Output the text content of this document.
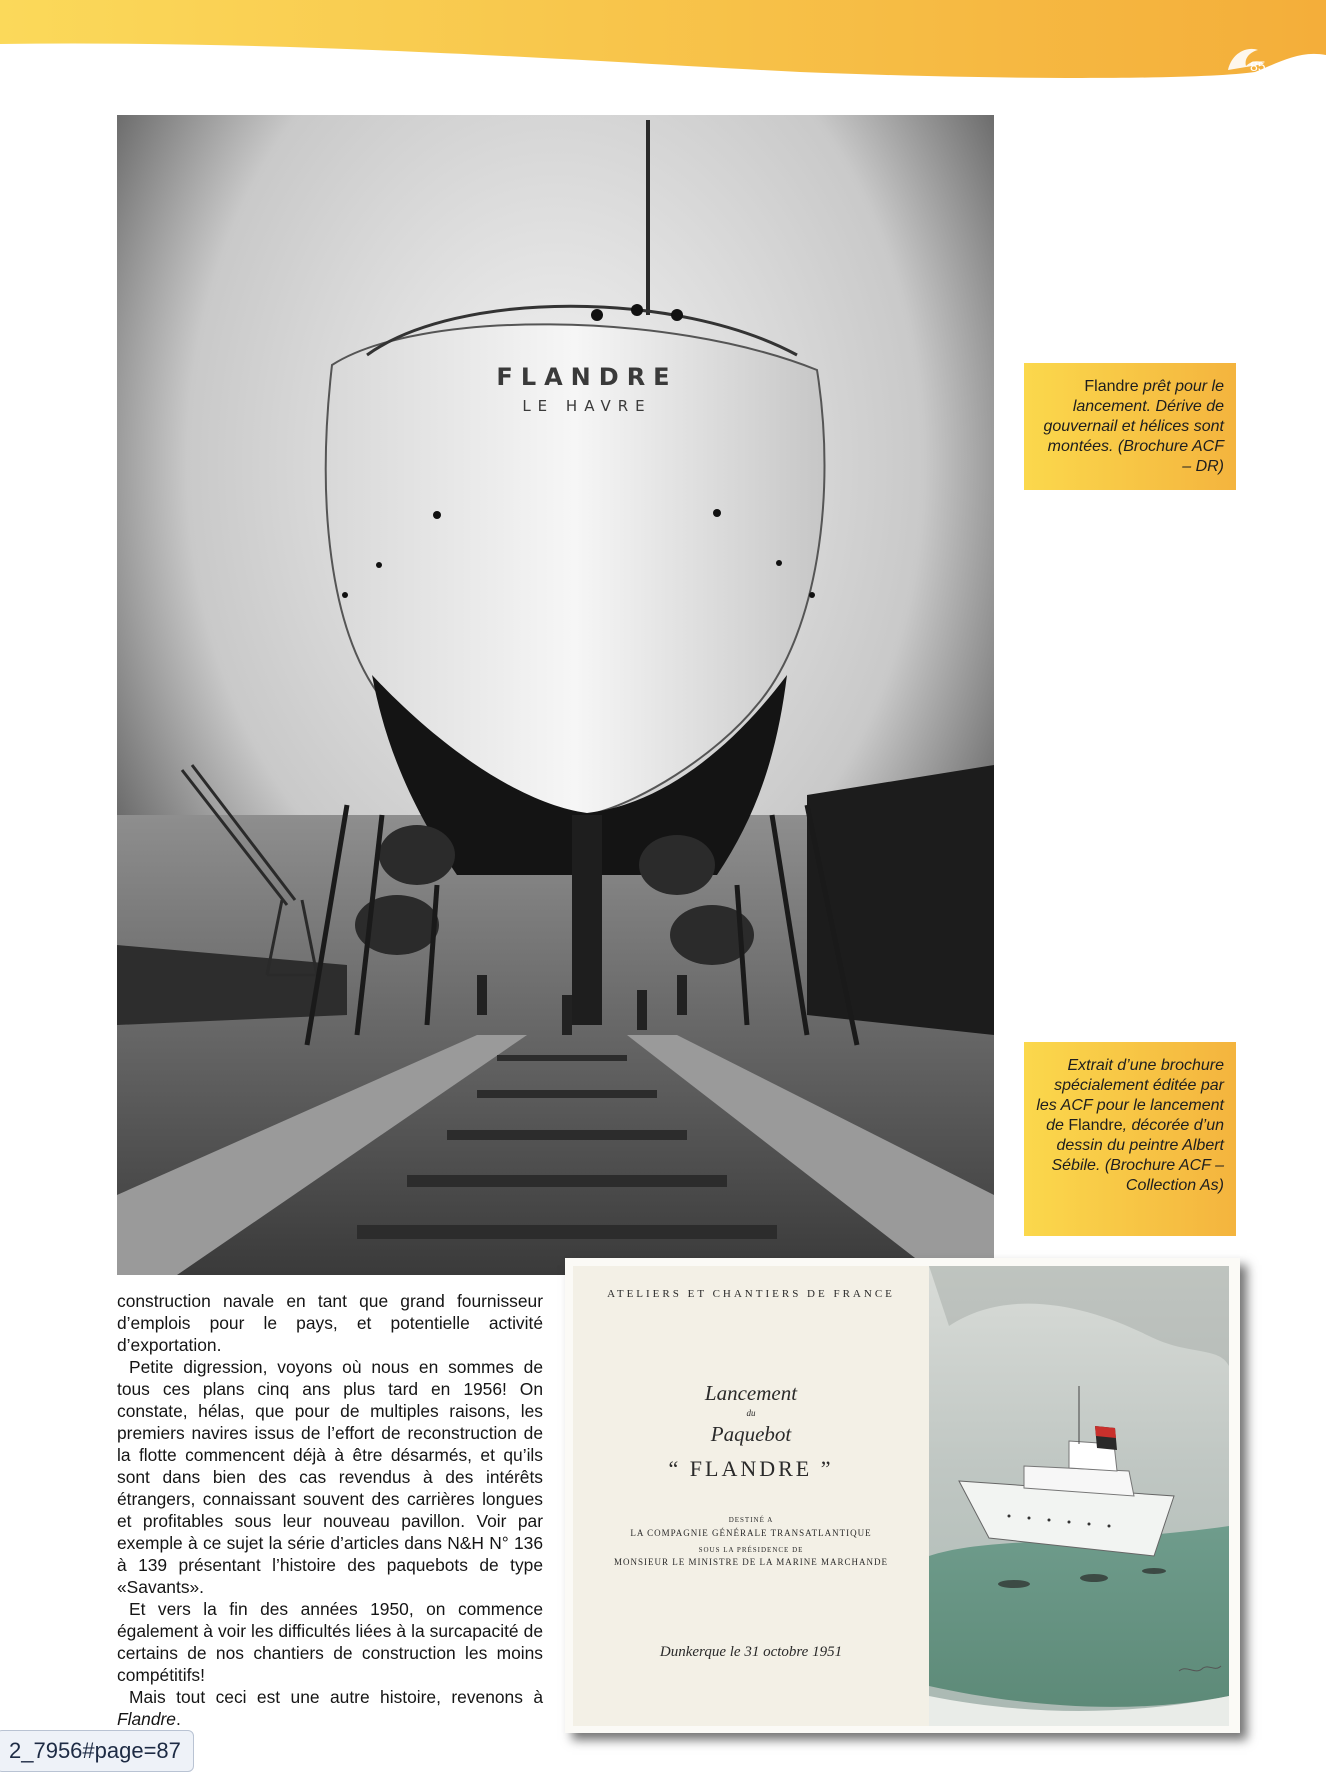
85
FLANDRE
LE HAVRE
Flandre prêt pour le lancement. Dérive de gouvernail et hélices sont montées. (Brochure ACF – DR)
Extrait d’une brochure spécialement éditée par les ACF pour le lancement de Flandre, décorée d’un dessin du peintre Albert Sébile. (Brochure ACF – Collection As)

construction navale en tant que grand fournisseur d’emplois pour le pays, et potentielle activité d’exportation.

Petite digression, voyons où nous en sommes de tous ces plans cinq ans plus tard en 1956! On constate, hélas, que pour de multiples raisons, les premiers navires issus de l’effort de reconstruction de la flotte commencent déjà à être désarmés, et qu’ils sont dans bien des cas revendus à des intérêts étrangers, connaissant souvent des carrières longues et profitables sous leur nouveau pavillon. Voir par exemple à ce sujet la série d’articles dans N&H N° 136 à 139 présentant l’histoire des paquebots de type «Savants».

Et vers la fin des années 1950, on commence également à voir les difficultés liées à la surcapacité de certains de nos chantiers de construction les moins compétitifs!

Mais tout ceci est une autre histoire, revenons à Flandre.

ATELIERS ET CHANTIERS DE FRANCE
Lancement
du
Paquebot
“ FLANDRE ”
DESTINÉ A
LA COMPAGNIE GÉNÉRALE TRANSATLANTIQUE
SOUS LA PRÉSIDENCE DE
MONSIEUR LE MINISTRE DE LA MARINE MARCHANDE
Dunkerque le 31 octobre 1951
2_7956#page=87
